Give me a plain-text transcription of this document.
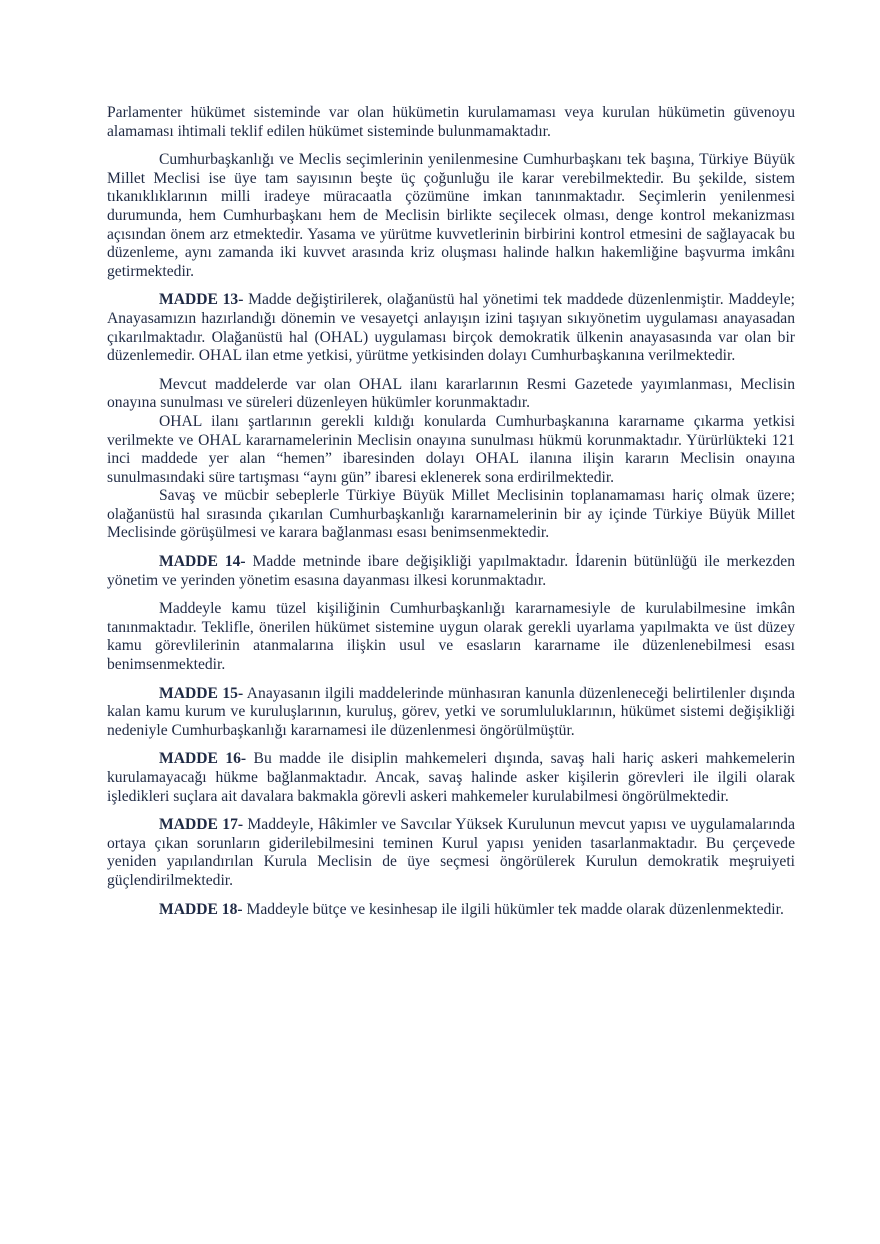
Parlamenter hükümet sisteminde var olan hükümetin kurulamaması veya kurulan hükümetin güvenoyu alamaması ihtimali teklif edilen hükümet sisteminde bulunmamaktadır.

Cumhurbaşkanlığı ve Meclis seçimlerinin yenilenmesine Cumhurbaşkanı tek başına, Türkiye Büyük Millet Meclisi ise üye tam sayısının beşte üç çoğunluğu ile karar verebilmektedir. Bu şekilde, sistem tıkanıklıklarının milli iradeye müracaatla çözümüne imkan tanınmaktadır. Seçimlerin yenilenmesi durumunda, hem Cumhurbaşkanı hem de Meclisin birlikte seçilecek olması, denge kontrol mekanizması açısından önem arz etmektedir. Yasama ve yürütme kuvvetlerinin birbirini kontrol etmesini de sağlayacak bu düzenleme, aynı zamanda iki kuvvet arasında kriz oluşması halinde halkın hakemliğine başvurma imkânı getirmektedir.

MADDE 13- Madde değiştirilerek, olağanüstü hal yönetimi tek maddede düzenlenmiştir. Maddeyle; Anayasamızın hazırlandığı dönemin ve vesayetçi anlayışın izini taşıyan sıkıyönetim uygulaması anayasadan çıkarılmaktadır. Olağanüstü hal (OHAL) uygulaması birçok demokratik ülkenin anayasasında var olan bir düzenlemedir. OHAL ilan etme yetkisi, yürütme yetkisinden dolayı Cumhurbaşkanına verilmektedir.

Mevcut maddelerde var olan OHAL ilanı kararlarının Resmi Gazetede yayımlanması, Meclisin onayına sunulması ve süreleri düzenleyen hükümler korunmaktadır.

OHAL ilanı şartlarının gerekli kıldığı konularda Cumhurbaşkanına kararname çıkarma yetkisi verilmekte ve OHAL kararnamelerinin Meclisin onayına sunulması hükmü korunmaktadır. Yürürlükteki 121 inci maddede yer alan “hemen” ibaresinden dolayı OHAL ilanına ilişin kararın Meclisin onayına sunulmasındaki süre tartışması “aynı gün” ibaresi eklenerek sona erdirilmektedir.

Savaş ve mücbir sebeplerle Türkiye Büyük Millet Meclisinin toplanamaması hariç olmak üzere; olağanüstü hal sırasında çıkarılan Cumhurbaşkanlığı kararnamelerinin bir ay içinde Türkiye Büyük Millet Meclisinde görüşülmesi ve karara bağlanması esası benimsenmektedir.

MADDE 14- Madde metninde ibare değişikliği yapılmaktadır. İdarenin bütünlüğü ile merkezden yönetim ve yerinden yönetim esasına dayanması ilkesi korunmaktadır.

Maddeyle kamu tüzel kişiliğinin Cumhurbaşkanlığı kararnamesiyle de kurulabilmesine imkân tanınmaktadır. Teklifle, önerilen hükümet sistemine uygun olarak gerekli uyarlama yapılmakta ve üst düzey kamu görevlilerinin atanmalarına ilişkin usul ve esasların kararname ile düzenlenebilmesi esası benimsenmektedir.

MADDE 15- Anayasanın ilgili maddelerinde münhasıran kanunla düzenleneceği belirtilenler dışında kalan kamu kurum ve kuruluşlarının, kuruluş, görev, yetki ve sorumluluklarının, hükümet sistemi değişikliği nedeniyle Cumhurbaşkanlığı kararnamesi ile düzenlenmesi öngörülmüştür.

MADDE 16- Bu madde ile disiplin mahkemeleri dışında, savaş hali hariç askeri mahkemelerin kurulamayacağı hükme bağlanmaktadır. Ancak, savaş halinde asker kişilerin görevleri ile ilgili olarak işledikleri suçlara ait davalara bakmakla görevli askeri mahkemeler kurulabilmesi öngörülmektedir.

MADDE 17- Maddeyle, Hâkimler ve Savcılar Yüksek Kurulunun mevcut yapısı ve uygulamalarında ortaya çıkan sorunların giderilebilmesini teminen Kurul yapısı yeniden tasarlanmaktadır. Bu çerçevede yeniden yapılandırılan Kurula Meclisin de üye seçmesi öngörülerek Kurulun demokratik meşruiyeti güçlendirilmektedir.

MADDE 18- Maddeyle bütçe ve kesinhesap ile ilgili hükümler tek madde olarak düzenlenmektedir.
